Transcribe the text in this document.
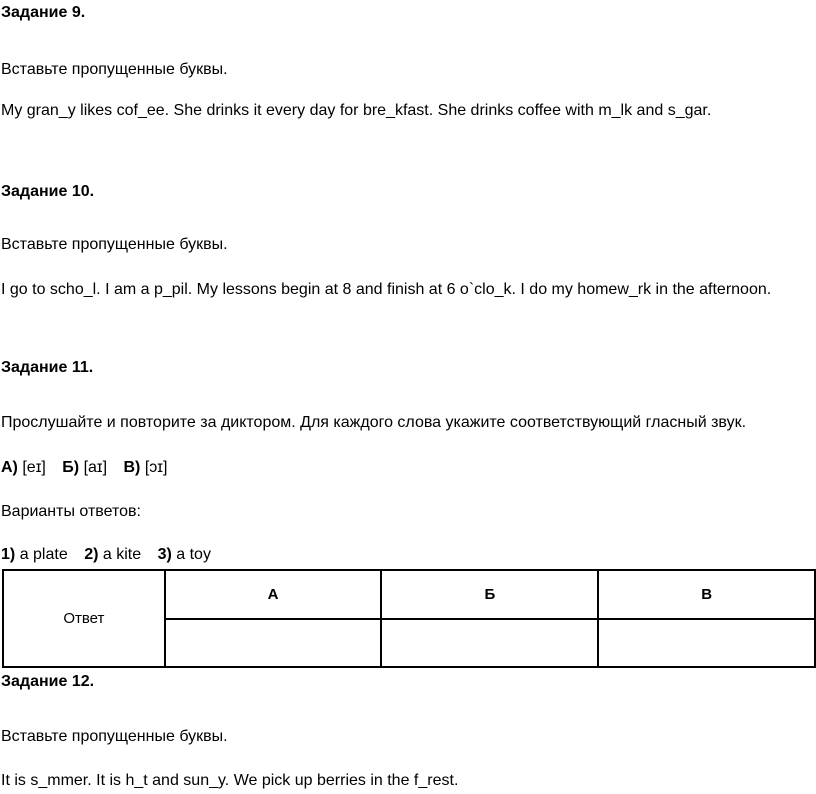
Задание 9.
Вставьте пропущенные буквы.
My gran_y likes cof_ee. She drinks it every day for bre_kfast. She drinks coffee with m_lk and s_gar.
Задание 10.
Вставьте пропущенные буквы.
I go to scho_l. I am a p_pil. My lessons begin at 8 and finish at 6 o`clo_k. I do my homew_rk in the afternoon.
Задание 11.
Прослушайте и повторите за диктором. Для каждого слова укажите соответствующий гласный звук.
А) [eɪ] Б) [aɪ] В) [ɔɪ]
Варианты ответов:
1) a plate 2) a kite 3) a toy
Ответ	А	Б	В

Задание 12.
Вставьте пропущенные буквы.
It is s_mmer. It is h_t and sun_y. We pick up berries in the f_rest.
